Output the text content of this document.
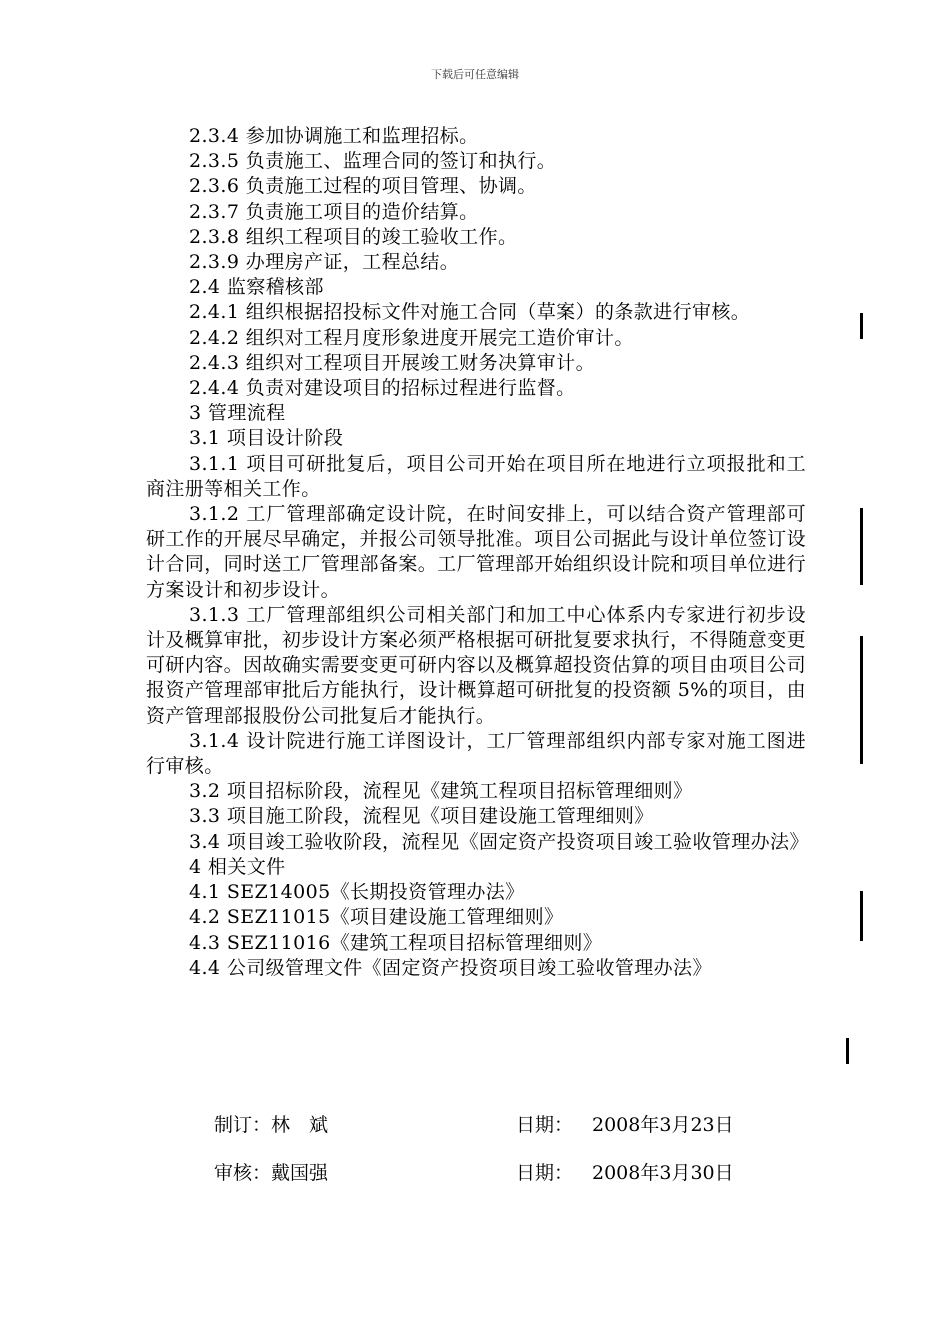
下载后可任意编辑
2.3.4 参加协调施工和监理招标。
2.3.5 负责施工、监理合同的签订和执行。
2.3.6 负责施工过程的项目管理、协调。
2.3.7 负责施工项目的造价结算。
2.3.8 组织工程项目的竣工验收工作。
2.3.9 办理房产证，工程总结。
2.4 监察稽核部
2.4.1 组织根据招投标文件对施工合同（草案）的条款进行审核。
2.4.2 组织对工程月度形象进度开展完工造价审计。
2.4.3 组织对工程项目开展竣工财务决算审计。
2.4.4 负责对建设项目的招标过程进行监督。
3 管理流程
3.1 项目设计阶段
3.1.1 项目可研批复后，项目公司开始在项目所在地进行立项报批和工商注册等相关工作。
3.1.2 工厂管理部确定设计院，在时间安排上，可以结合资产管理部可研工作的开展尽早确定，并报公司领导批准。项目公司据此与设计单位签订设计合同，同时送工厂管理部备案。工厂管理部开始组织设计院和项目单位进行方案设计和初步设计。
3.1.3 工厂管理部组织公司相关部门和加工中心体系内专家进行初步设计及概算审批，初步设计方案必须严格根据可研批复要求执行，不得随意变更可研内容。因故确实需要变更可研内容以及概算超投资估算的项目由项目公司报资产管理部审批后方能执行，设计概算超可研批复的投资额 5%的项目，由资产管理部报股份公司批复后才能执行。
3.1.4 设计院进行施工详图设计，工厂管理部组织内部专家对施工图进行审核。
3.2 项目招标阶段，流程见《建筑工程项目招标管理细则》
3.3 项目施工阶段，流程见《项目建设施工管理细则》
3.4 项目竣工验收阶段，流程见《固定资产投资项目竣工验收管理办法》
4 相关文件
4.1 SEZ14005《长期投资管理办法》
4.2 SEZ11015《项目建设施工管理细则》
4.3 SEZ11016《建筑工程项目招标管理细则》
4.4 公司级管理文件《固定资产投资项目竣工验收管理办法》
制订：林　斌	日期： 2008年3月23日
审核：戴国强	日期： 2008年3月30日
